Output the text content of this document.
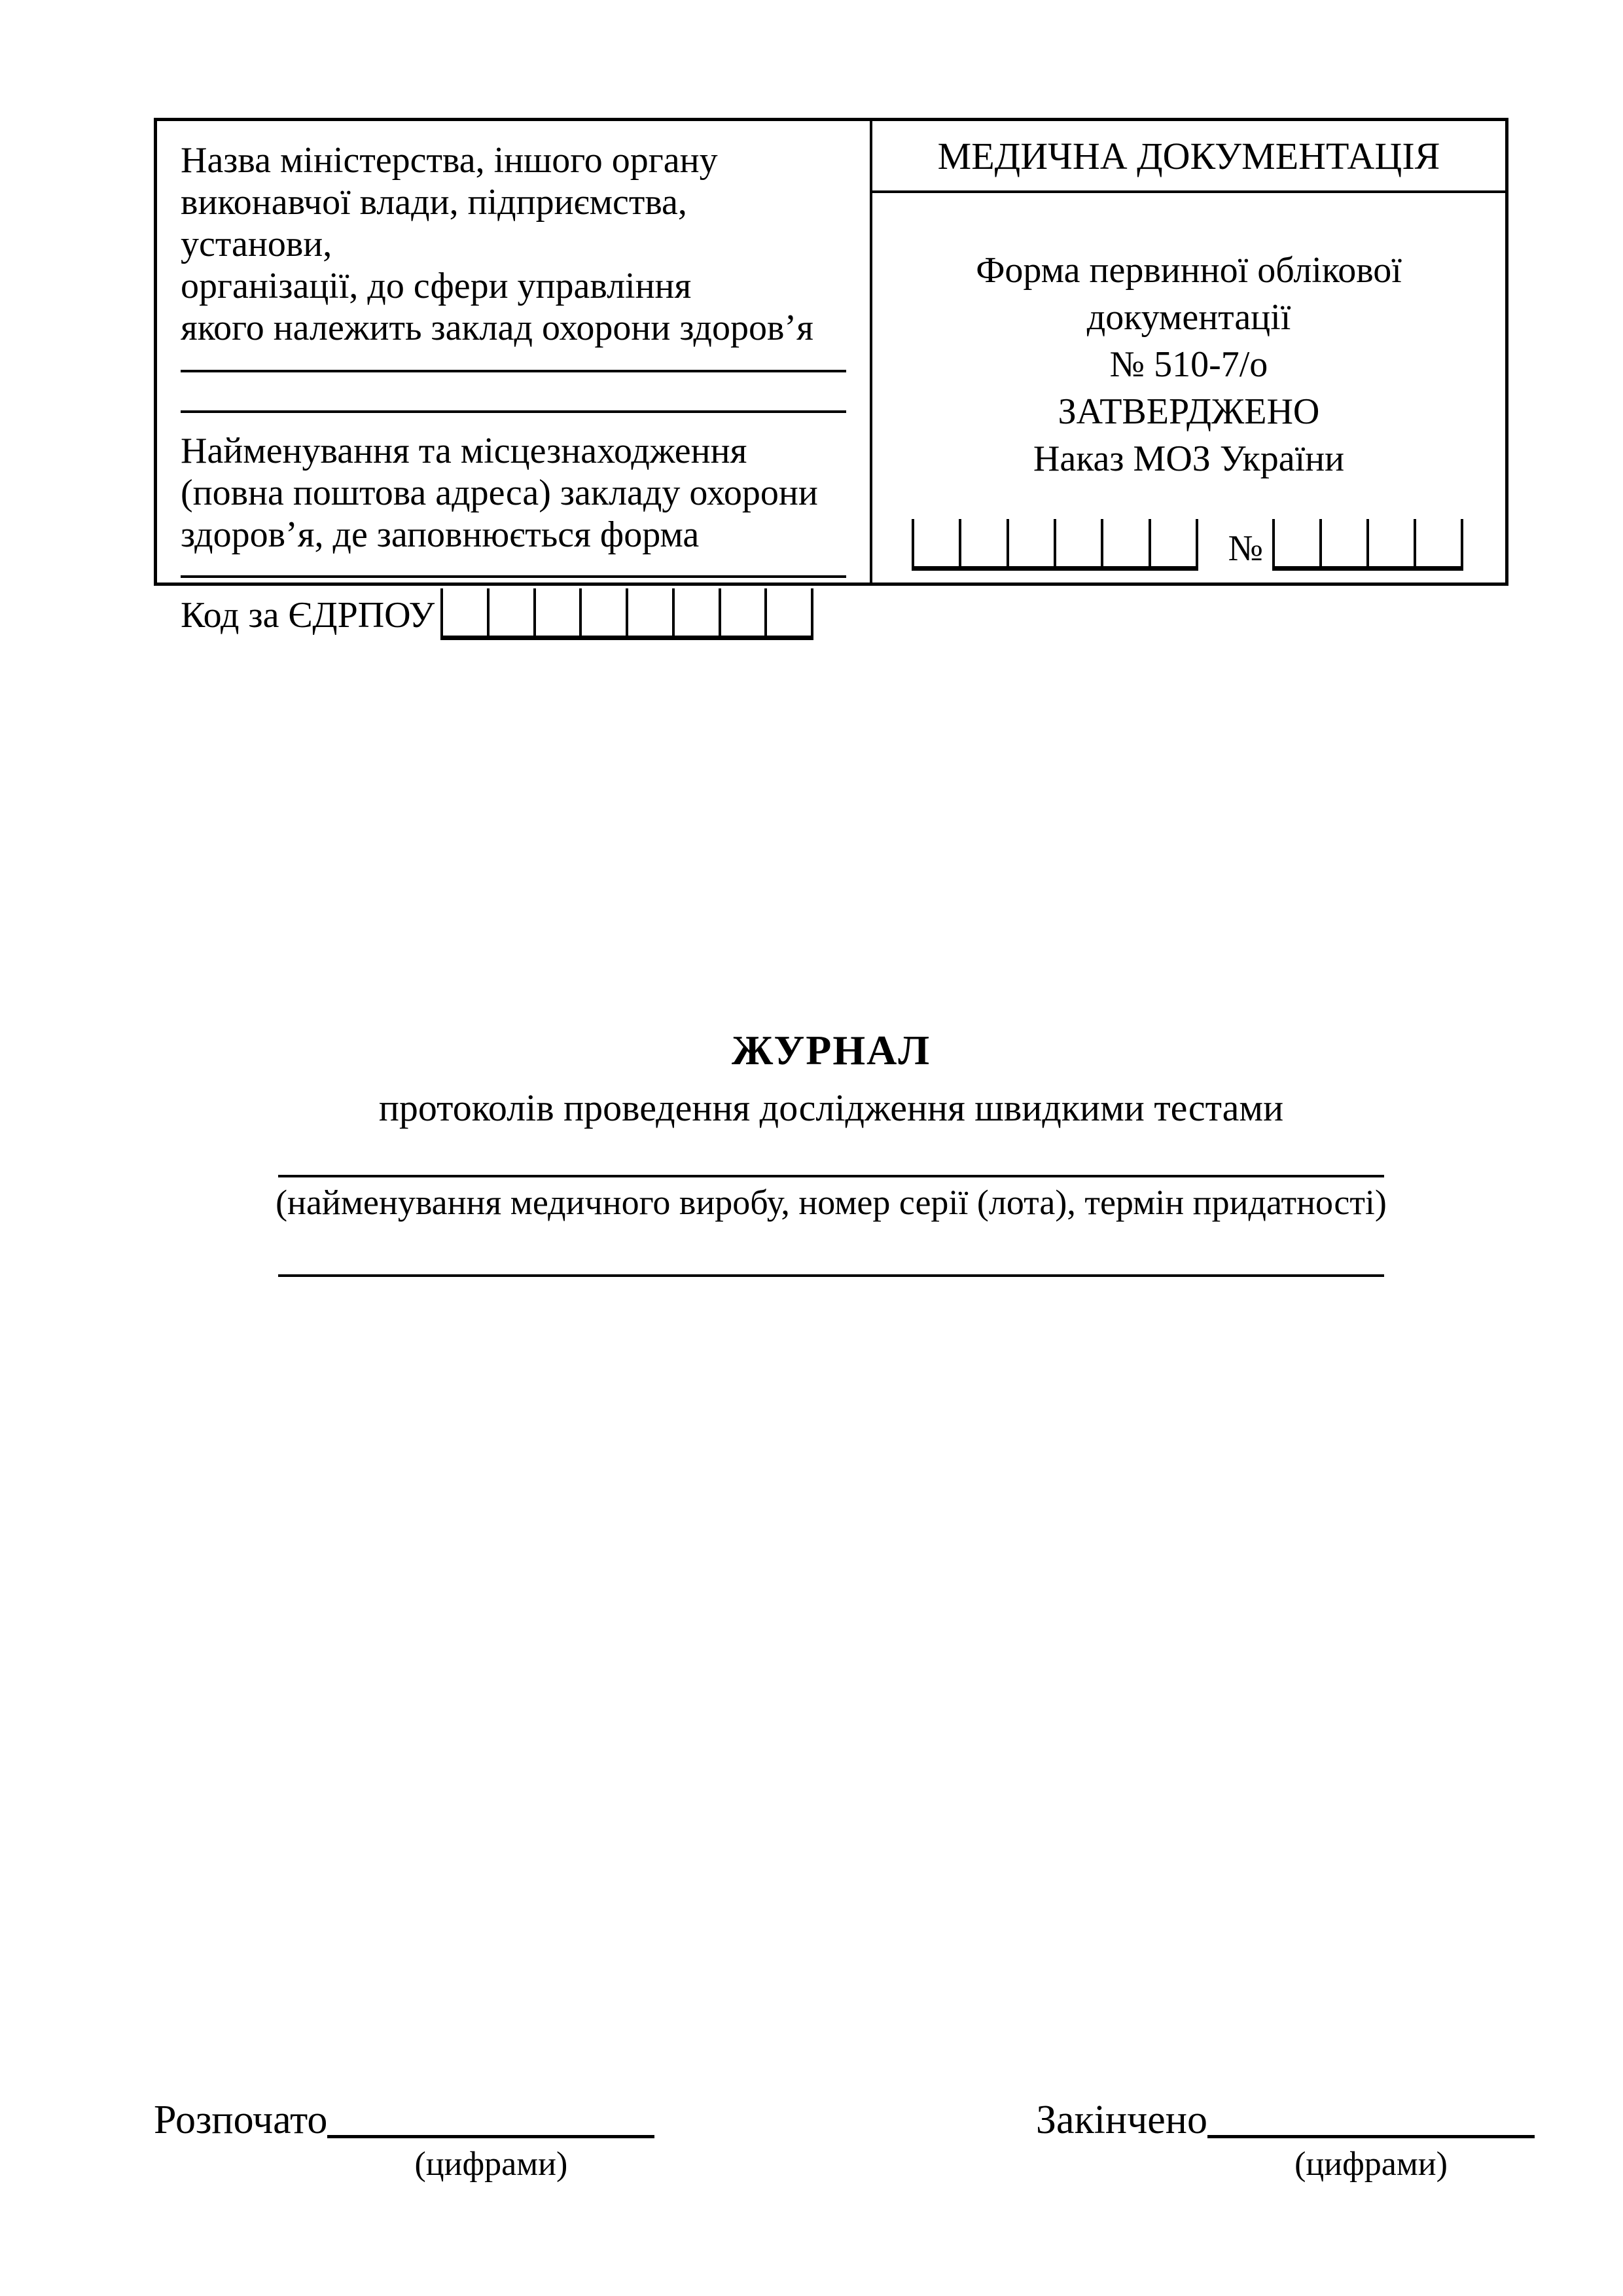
Назва міністерства, іншого органу
виконавчої влади, підприємства, установи,
організації, до сфери управління
якого належить заклад охорони здоров’я

Найменування та місцезнаходження
(повна поштова адреса) закладу охорони
здоров’я, де заповнюється форма

Код за ЄДРПОУ
МЕДИЧНА ДОКУМЕНТАЦІЯ
Форма первинної облікової
документації
№ 510-7/о
ЗАТВЕРДЖЕНО
Наказ МОЗ України
№
ЖУРНАЛ
протоколів проведення дослідження швидкими тестами
(найменування медичного виробу, номер серії (лота), термін придатності)
Розпочато
(цифрами)
Закінчено
(цифрами)
